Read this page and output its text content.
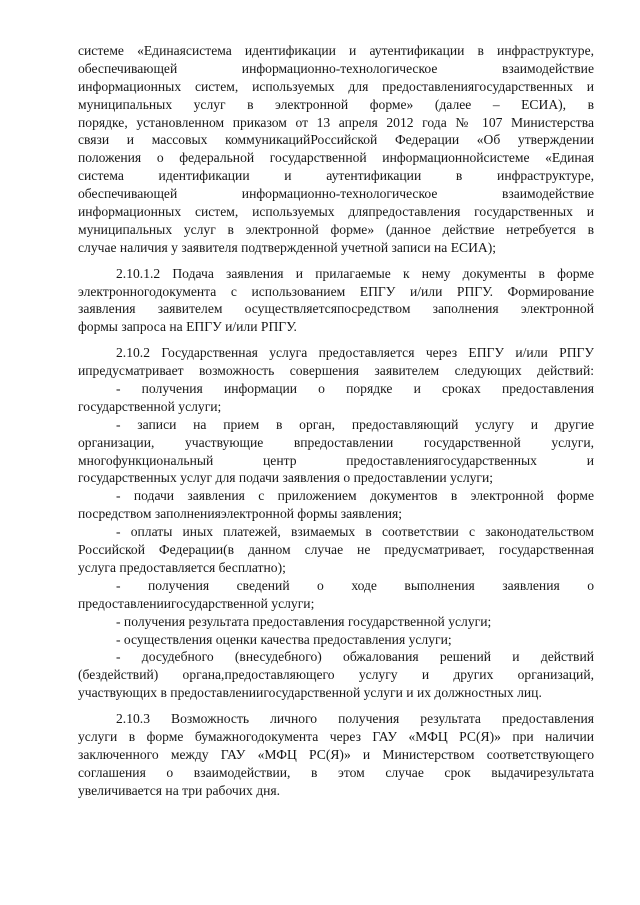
системе «Единаясистема идентификации и аутентификации в инфраструктуре,
обеспечивающей информационно-технологическое взаимодействие
информационных систем, используемых для предоставлениягосударственных и
муниципальных услуг в электронной форме» (далее – ЕСИА), в
порядке, установленном приказом от 13 апреля 2012 года № 107 Министерства
связи и массовых коммуникацийРоссийской Федерации «Об утверждении
положения о федеральной государственной информационнойсистеме «Единая
система идентификации и аутентификации в инфраструктуре,
обеспечивающей информационно-технологическое взаимодействие
информационных систем, используемых дляпредоставления государственных и
муниципальных услуг в электронной форме» (данное действие нетребуется в
случае наличия у заявителя подтвержденной учетной записи на ЕСИА);
2.10.1.2 Подача заявления и прилагаемые к нему документы в форме
электронногодокумента с использованием ЕПГУ и/или РПГУ. Формирование
заявления заявителем осуществляетсяпосредством заполнения электронной
формы запроса на ЕПГУ и/или РПГУ.
2.10.2 Государственная услуга предоставляется через ЕПГУ и/или РПГУ
ипредусматривает возможность совершения заявителем следующих действий:
- получения информации о порядке и сроках предоставления
государственной услуги;
- записи на прием в орган, предоставляющий услугу и другие
организации, участвующие впредоставлении государственной услуги,
многофункциональный центр предоставлениягосударственных и
государственных услуг для подачи заявления о предоставлении услуги;
- подачи заявления с приложением документов в электронной форме
посредством заполненияэлектронной формы заявления;
- оплаты иных платежей, взимаемых в соответствии с законодательством
Российской Федерации(в данном случае не предусматривает, государственная
услуга предоставляется бесплатно);
- получения сведений о ходе выполнения заявления о
предоставлениигосударственной услуги;
- получения результата предоставления государственной услуги;
- осуществления оценки качества предоставления услуги;
- досудебного (внесудебного) обжалования решений и действий
(бездействий) органа,предоставляющего услугу и других организаций,
участвующих в предоставлениигосударственной услуги и их должностных лиц.
2.10.3 Возможность личного получения результата предоставления
услуги в форме бумажногодокумента через ГАУ «МФЦ РС(Я)» при наличии
заключенного между ГАУ «МФЦ РС(Я)» и Министерством соответствующего
соглашения о взаимодействии, в этом случае срок выдачирезультата
увеличивается на три рабочих дня.
